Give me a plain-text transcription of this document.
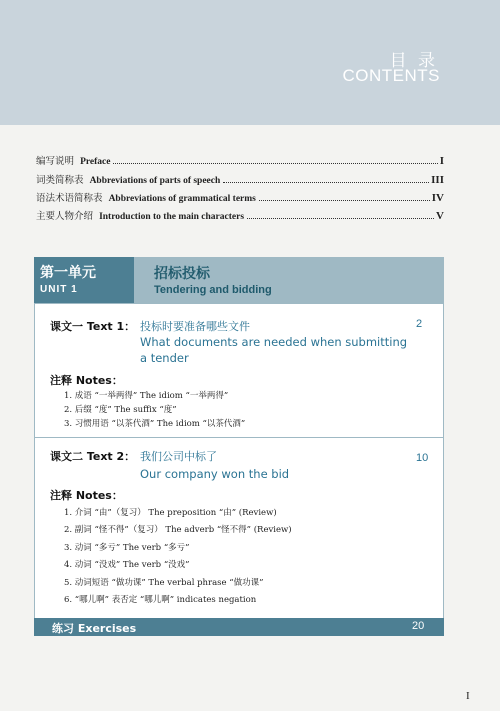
目 录
CONTENTS
编写说明 Preface	I
词类简称表 Abbreviations of parts of speech	III
语法术语简称表 Abbreviations of grammatical terms	IV
主要人物介绍 Introduction to the main characters	V
第一单元
UNIT 1
招标投标
Tendering and bidding
课文一 Text 1： 投标时要准备哪些文件	2
What documents are needed when submitting a tender
注释 Notes：
1. 成语 “一举两得” The idiom “一举两得”
2. 后缀 “度” The suffix “度”
3. 习惯用语 “以茶代酒” The idiom “以茶代酒”
课文二 Text 2： 我们公司中标了	10
Our company won the bid
注释 Notes：
1. 介词 “由”（复习） The preposition “由” (Review)
2. 副词 “怪不得”（复习） The adverb “怪不得” (Review)
3. 动词 “多亏” The verb “多亏”
4. 动词 “没戏” The verb “没戏”
5. 动词短语 “做功课” The verbal phrase “做功课”
6. “哪儿啊” 表否定 “哪儿啊” indicates negation
练习 Exercises	20
I
